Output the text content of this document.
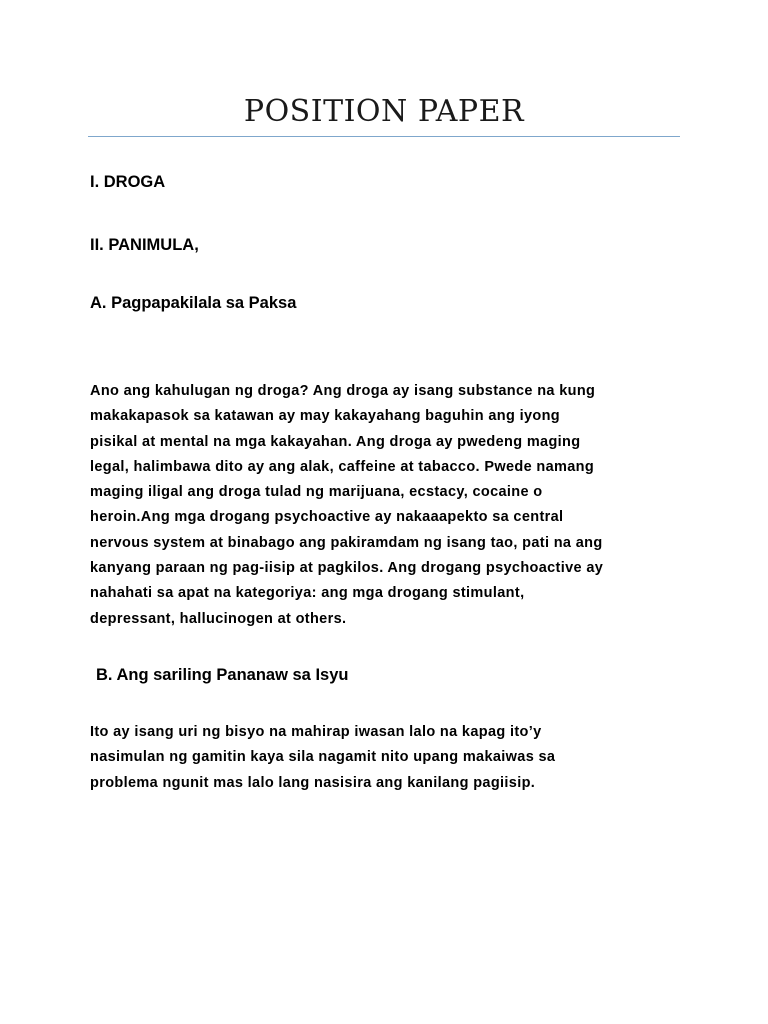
POSITION PAPER
I. DROGA
II. PANIMULA,
A. Pagpapakilala sa Paksa

Ano ang kahulugan ng droga? Ang droga ay isang substance na kung
makakapasok sa katawan ay may kakayahang baguhin ang iyong
pisikal at mental na mga kakayahan. Ang droga ay pwedeng maging
legal, halimbawa dito ay ang alak, caffeine at tabacco. Pwede namang
maging iligal ang droga tulad ng marijuana, ecstacy, cocaine o
heroin.Ang mga drogang psychoactive ay nakaaapekto sa central
nervous system at binabago ang pakiramdam ng isang tao, pati na ang
kanyang paraan ng pag-iisip at pagkilos. Ang drogang psychoactive ay
nahahati sa apat na kategoriya: ang mga drogang stimulant,
depressant, hallucinogen at others.

B. Ang sariling Pananaw sa Isyu

Ito ay isang uri ng bisyo na mahirap iwasan lalo na kapag ito’y
nasimulan ng gamitin kaya sila nagamit nito upang makaiwas sa
problema ngunit mas lalo lang nasisira ang kanilang pagiisip.
